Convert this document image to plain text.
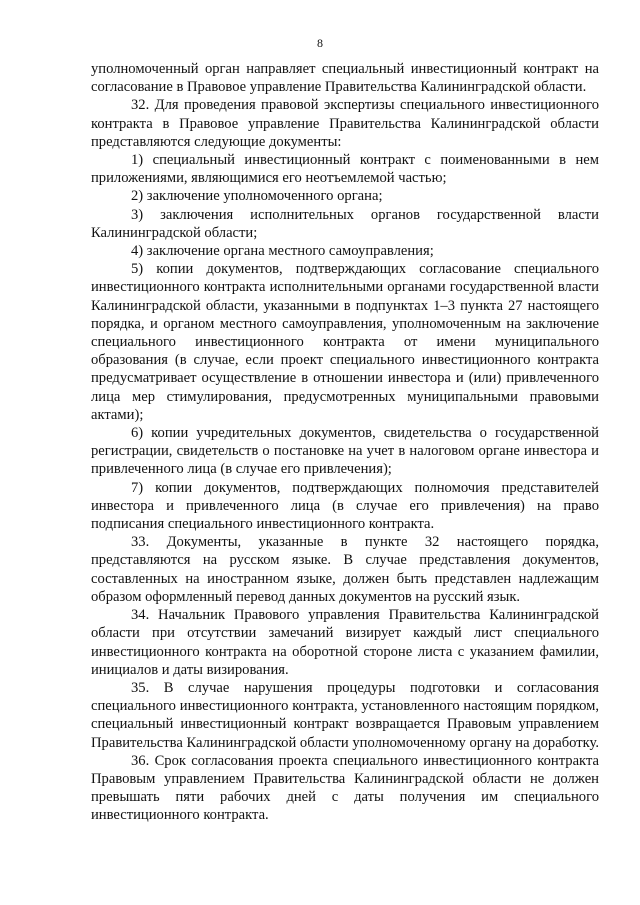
8

уполномоченный орган направляет специальный инвестиционный контракт на согласование в Правовое управление Правительства Калининградской области.

32. Для проведения правовой экспертизы специального инвестиционного контракта в Правовое управление Правительства Калининградской области представляются следующие документы:

1) специальный инвестиционный контракт с поименованными в нем приложениями, являющимися его неотъемлемой частью;

2) заключение уполномоченного органа;

3) заключения исполнительных органов государственной власти Калининградской области;

4) заключение органа местного самоуправления;

5) копии документов, подтверждающих согласование специального инвестиционного контракта исполнительными органами государственной власти Калининградской области, указанными в подпунктах 1–3 пункта 27 настоящего порядка, и органом местного самоуправления, уполномоченным на заключение специального инвестиционного контракта от имени муниципального образования (в случае, если проект специального инвестиционного контракта предусматривает осуществление в отношении инвестора и (или) привлеченного лица мер стимулирования, предусмотренных муниципальными правовыми актами);

6) копии учредительных документов, свидетельства о государственной регистрации, свидетельств о постановке на учет в налоговом органе инвестора и привлеченного лица (в случае его привлечения);

7) копии документов, подтверждающих полномочия представителей инвестора и привлеченного лица (в случае его привлечения) на право подписания специального инвестиционного контракта.

33. Документы, указанные в пункте 32 настоящего порядка, представляются на русском языке. В случае представления документов, составленных на иностранном языке, должен быть представлен надлежащим образом оформленный перевод данных документов на русский язык.

34. Начальник Правового управления Правительства Калининградской области при отсутствии замечаний визирует каждый лист специального инвестиционного контракта на оборотной стороне листа с указанием фамилии, инициалов и даты визирования.

35. В случае нарушения процедуры подготовки и согласования специального инвестиционного контракта, установленного настоящим порядком, специальный инвестиционный контракт возвращается Правовым управлением Правительства Калининградской области уполномоченному органу на доработку.

36. Срок согласования проекта специального инвестиционного контракта Правовым управлением Правительства Калининградской области не должен превышать пяти рабочих дней с даты получения им специального инвестиционного контракта.
